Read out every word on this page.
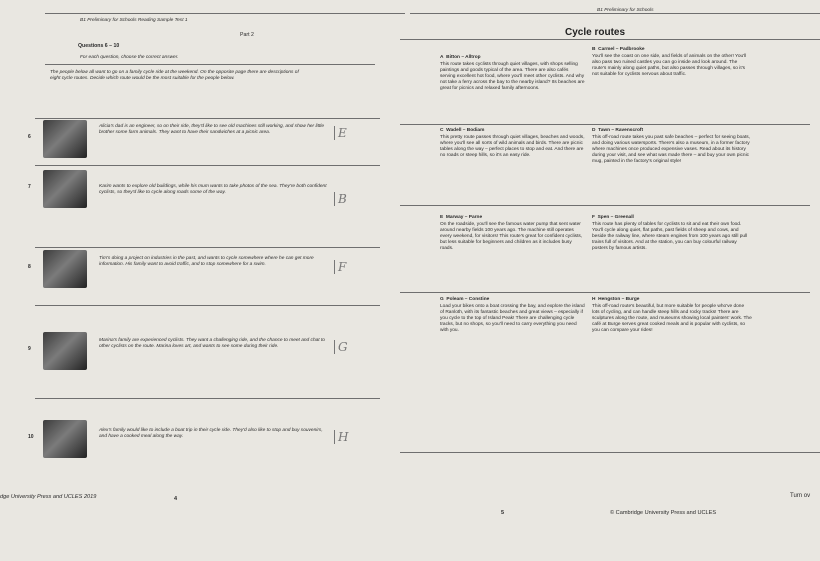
B1 Preliminary for Schools Reading Sample Test 1
B1 Preliminary for Schools
Part 2	Cycle routes
Questions 6 – 10
For each question, choose the correct answer.
The people below all want to go on a family cycle ride at the weekend. On the opposite page there are descriptions of eight cycle routes. Decide which route would be the most suitable for the people below.
6
Alicia's dad is an engineer, so on their ride, they'd like to see old machines still working, and show her little brother some farm animals. They want to have their sandwiches at a picnic area.	E
7	Karim wants to explore old buildings, while his mum wants to take photos of the sea. They're both confident cyclists, so they'd like to cycle along roads some of the way.	B
8
Tim's doing a project on industries in the past, and wants to cycle somewhere where he can get more information. His family want to avoid traffic, and to stop somewhere for a swim.	F
9
Marina's family are experienced cyclists. They want a challenging ride, and the chance to meet and chat to other cyclists on the route. Marina loves art, and wants to see some during their ride.	G
10
Alex's family would like to include a boat trip in their cycle ride. They'd also like to stop and buy souvenirs, and have a cooked meal along the way.	H
A Bitton – Alltrop
This route takes cyclists through quiet villages, with shops selling paintings and goods typical of the area. There are also cafés serving excellent hot food, where you'll meet other cyclists. And why not take a ferry across the bay to the nearby island? Its beaches are great for picnics and relaxed family afternoons.
B Carmel – Padbrooke
You'll see the coast on one side, and fields of animals on the other! You'll also pass two ruined castles you can go inside and look around. The route's mainly along quiet paths, but also passes through villages, so it's not suitable for cyclists nervous about traffic.
C Wadell – Bodiam
This pretty route passes through quiet villages, beaches and woods, where you'll see all sorts of wild animals and birds. There are picnic tables along the way – perfect places to stop and eat. And there are no roads or steep hills, so it's an easy ride.
D Tawn – Ravenscroft
This off-road route takes you past safe beaches – perfect for seeing boats, and doing various watersports. There's also a museum, in a former factory where machines once produced expensive vases. Read about its history during your visit, and see what was made there – and buy your own picnic mug, painted in the factory's original style!
E Marway – Parne
On the roadside, you'll see the famous water pump that sent water around nearby fields 100 years ago. The machine still operates every weekend, for visitors! This route's great for confident cyclists, but less suitable for beginners and children as it includes busy roads.
F Spen – Greenall
This route has plenty of tables for cyclists to sit and eat their own food. You'll cycle along quiet, flat paths, past fields of sheep and cows, and beside the railway line, where steam engines from 100 years ago still pull trains full of visitors. And at the station, you can buy colourful railway posters by famous artists.
G Poleam – Constine
Load your bikes onto a boat crossing the bay, and explore the island of Ranloth, with its fantastic beaches and great views – especially if you cycle to the top of Island Peak! There are challenging cycle tracks, but no shops, so you'll need to carry everything you need with you.
H Hengston – Burge
This off-road route's beautiful, but more suitable for people who've done lots of cycling, and can handle steep hills and rocky tracks! There are sculptures along the route, and museums showing local painters' work. The café at Burge serves great cooked meals and is popular with cyclists, so you can compare your rides!
dge University Press and UCLES 2019	4
5	© Cambridge University Press and UCLES
Turn ov
